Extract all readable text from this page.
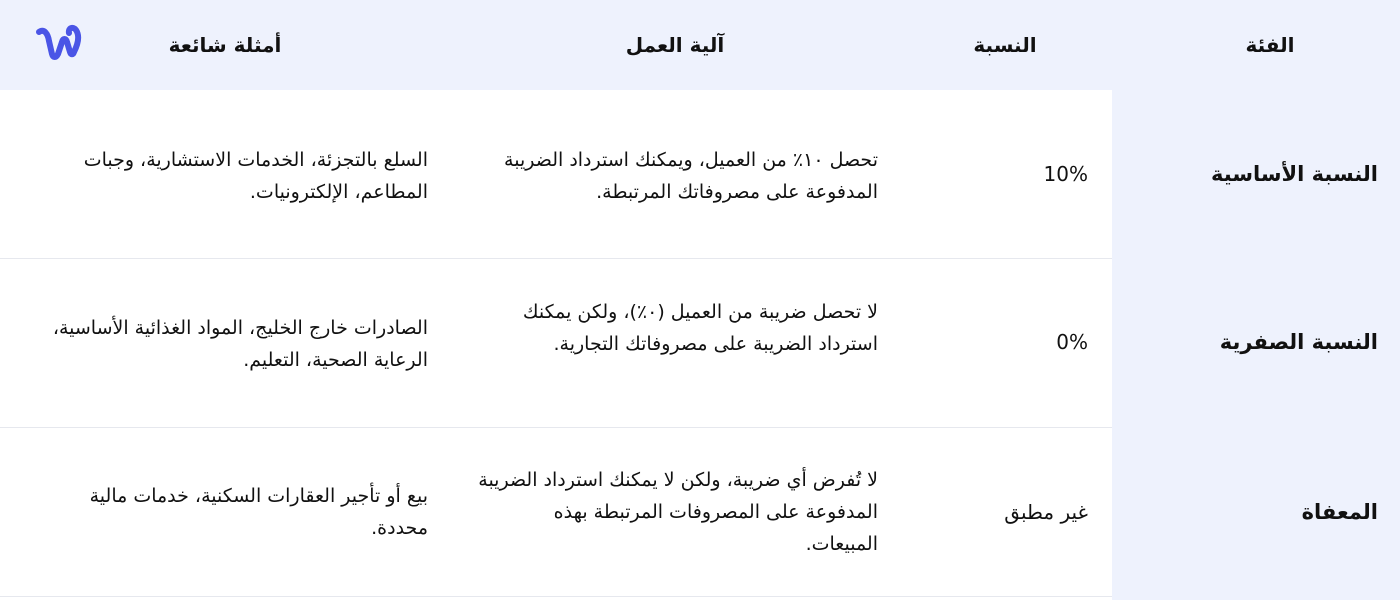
الفئة
النسبة
آلية العمل
أمثلة شائعة
النسبة الأساسية
10%
تحصل ١٠٪ من العميل، ويمكنك استرداد الضريبة المدفوعة على مصروفاتك المرتبطة.
السلع بالتجزئة، الخدمات الاستشارية، وجبات المطاعم، الإلكترونيات.
النسبة الصفرية
0%
لا تحصل ضريبة من العميل (٠٪)، ولكن يمكنك استرداد الضريبة على مصروفاتك التجارية.
الصادرات خارج الخليج، المواد الغذائية الأساسية، الرعاية الصحية، التعليم.
المعفاة
غير مطبق
لا تُفرض أي ضريبة، ولكن لا يمكنك استرداد الضريبة المدفوعة على المصروفات المرتبطة بهذه المبيعات.
بيع أو تأجير العقارات السكنية، خدمات مالية محددة.
